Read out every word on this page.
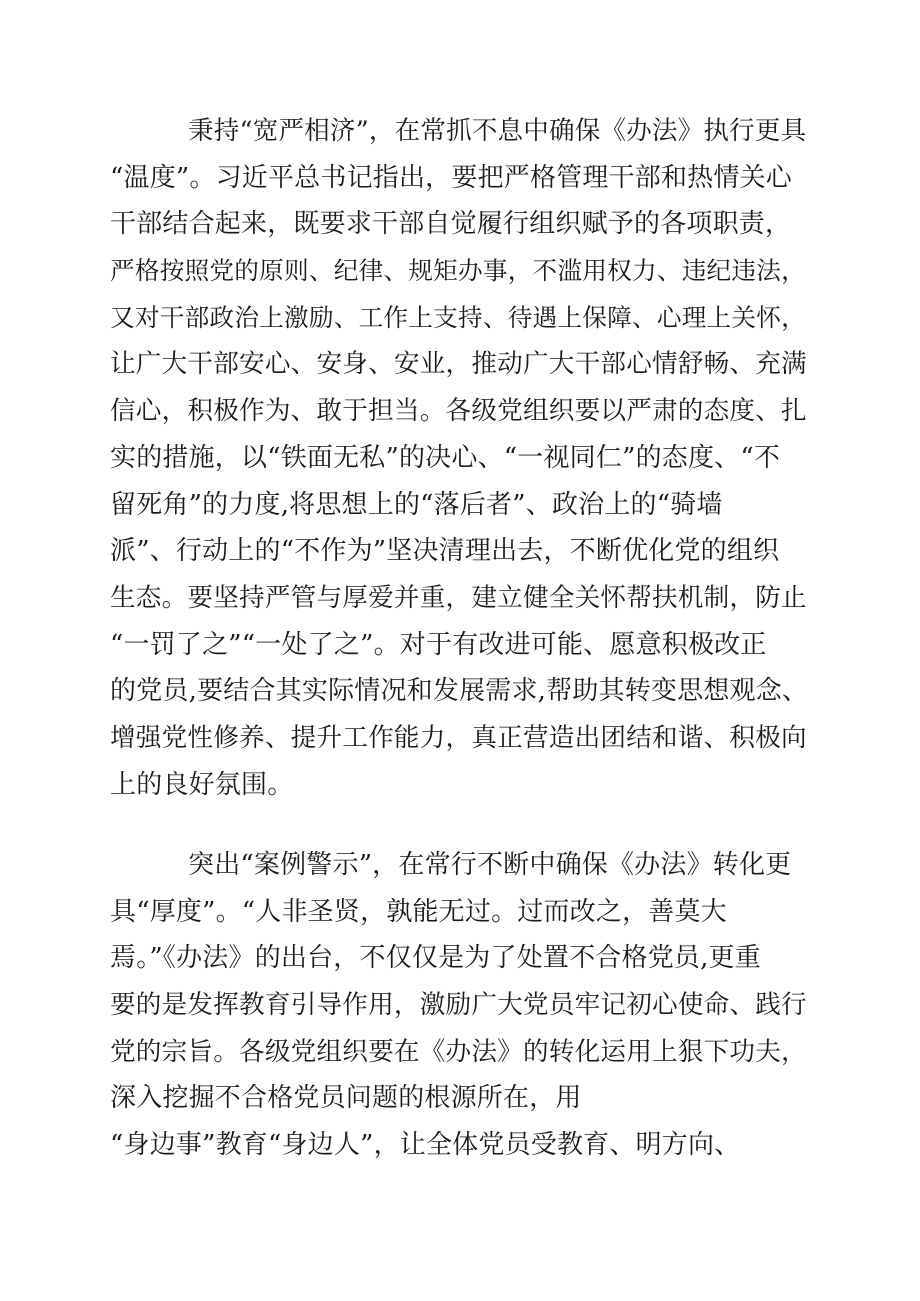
秉持“宽严相济”，在常抓不息中确保《办法》执行更具
“温度”。习近平总书记指出，要把严格管理干部和热情关心
干部结合起来，既要求干部自觉履行组织赋予的各项职责，
严格按照党的原则、纪律、规矩办事，不滥用权力、违纪违法，
又对干部政治上激励、工作上支持、待遇上保障、心理上关怀，
让广大干部安心、安身、安业，推动广大干部心情舒畅、充满
信心，积极作为、敢于担当。各级党组织要以严肃的态度、扎
实的措施，以“铁面无私”的决心、“一视同仁”的态度、“不
留死角”的力度,将思想上的“落后者”、政治上的“骑墙
派”、行动上的“不作为”坚决清理出去，不断优化党的组织
生态。要坚持严管与厚爱并重，建立健全关怀帮扶机制，防止
“一罚了之”“一处了之”。对于有改进可能、愿意积极改正
的党员,要结合其实际情况和发展需求,帮助其转变思想观念、
增强党性修养、提升工作能力，真正营造出团结和谐、积极向
上的良好氛围。
突出“案例警示”，在常行不断中确保《办法》转化更
具“厚度”。“人非圣贤，孰能无过。过而改之，善莫大
焉。”《办法》的出台，不仅仅是为了处置不合格党员,更重
要的是发挥教育引导作用，激励广大党员牢记初心使命、践行
党的宗旨。各级党组织要在《办法》的转化运用上狠下功夫，
深入挖掘不合格党员问题的根源所在，用
“身边事”教育“身边人”，让全体党员受教育、明方向、
